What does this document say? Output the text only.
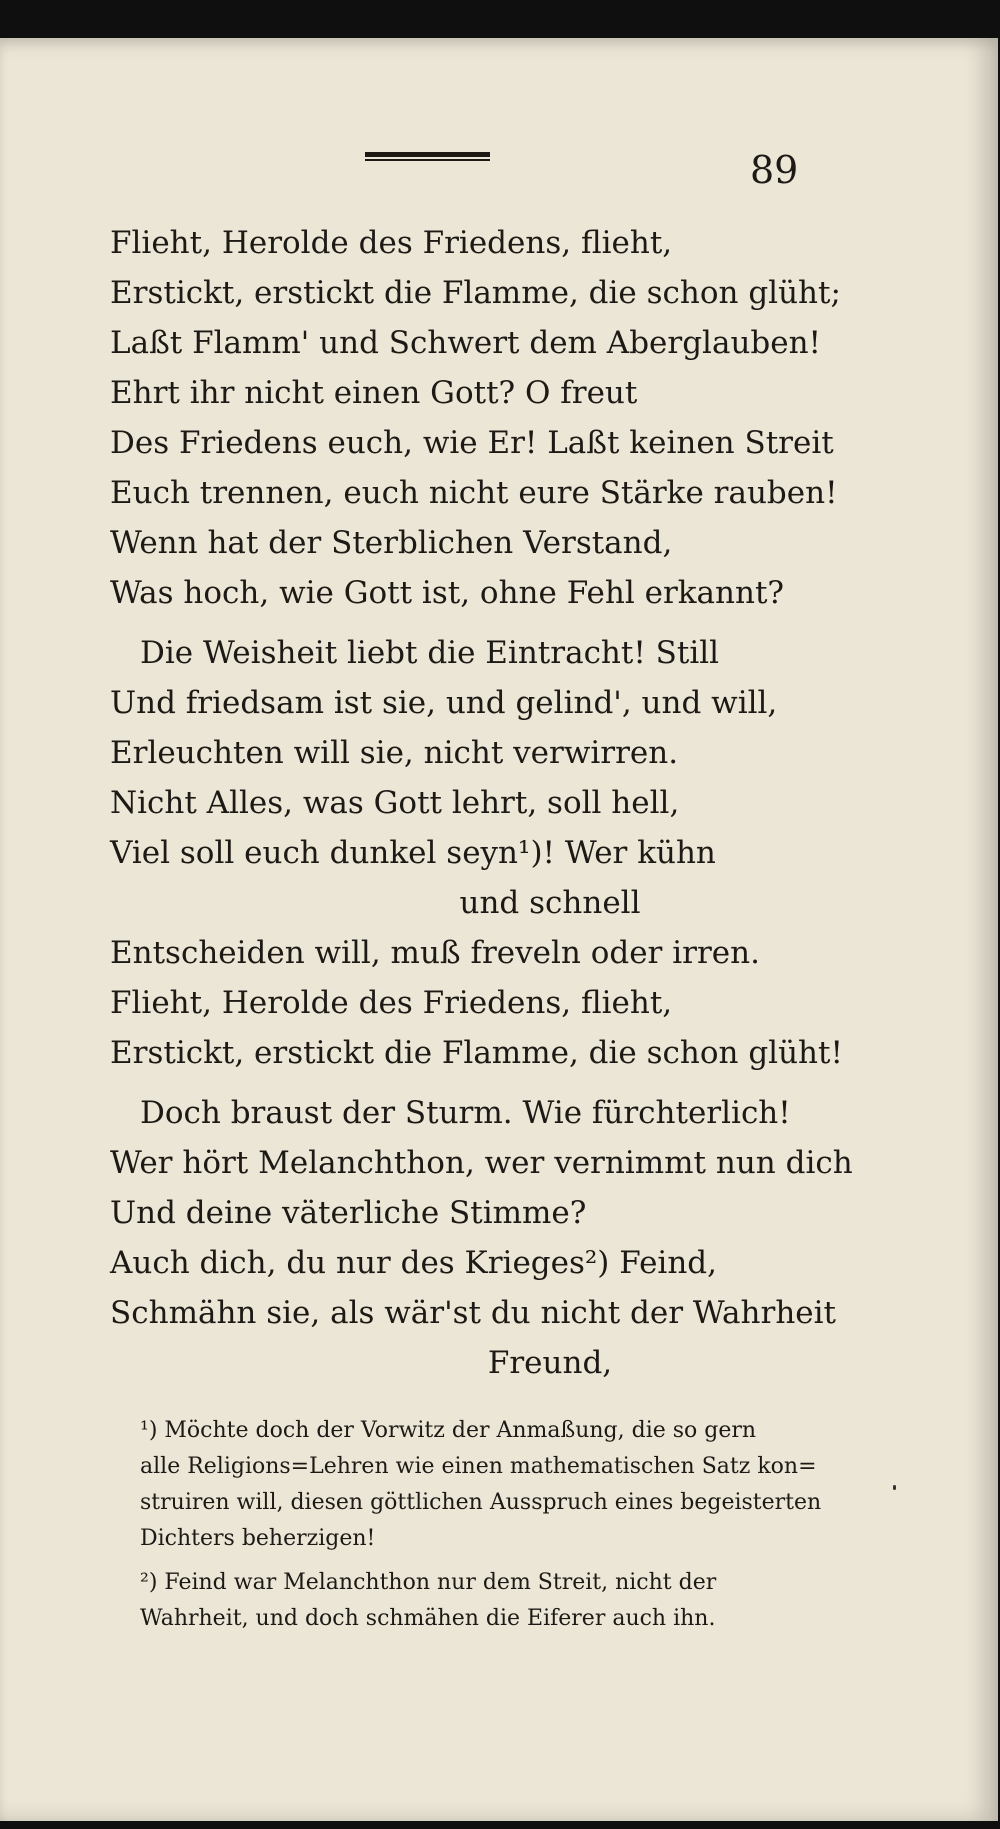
89
Flieht, Herolde des Friedens, flieht,
Erstickt, erstickt die Flamme, die schon glüht;
Laßt Flamm' und Schwert dem Aberglauben!
Ehrt ihr nicht einen Gott? O freut
Des Friedens euch, wie Er! Laßt keinen Streit
Euch trennen, euch nicht eure Stärke rauben!
Wenn hat der Sterblichen Verstand,
Was hoch, wie Gott ist, ohne Fehl erkannt?
Die Weisheit liebt die Eintracht! Still
Und friedsam ist sie, und gelind', und will,
Erleuchten will sie, nicht verwirren.
Nicht Alles, was Gott lehrt, soll hell,
Viel soll euch dunkel seyn¹)! Wer kühn
und schnell
Entscheiden will, muß freveln oder irren.
Flieht, Herolde des Friedens, flieht,
Erstickt, erstickt die Flamme, die schon glüht!
Doch braust der Sturm. Wie fürchterlich!
Wer hört Melanchthon, wer vernimmt nun dich
Und deine väterliche Stimme?
Auch dich, du nur des Krieges²) Feind,
Schmähn sie, als wär'st du nicht der Wahrheit
Freund,
¹) Möchte doch der Vorwitz der Anmaßung, die so gern
alle Religions=Lehren wie einen mathematischen Satz kon=
struiren will, diesen göttlichen Ausspruch eines begeisterten
Dichters beherzigen!
²) Feind war Melanchthon nur dem Streit, nicht der
Wahrheit, und doch schmähen die Eiferer auch ihn.
